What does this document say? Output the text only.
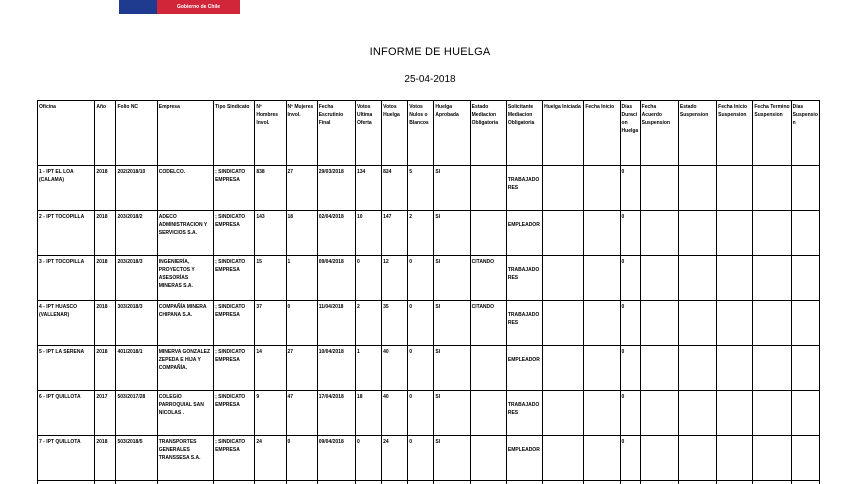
Gobierno de Chile
INFORME DE HUELGA
25-04-2018
Oficina	Año	Folio NC	Empresa	Tipo Sindicato	Nº Hombres Invol.	Nº Mujeres Invol.	Fecha Escrutinio Final	Votos Ultima Oferta	Votos Huelga	Votos Nulos o Blancos	Huelga Aprobada	Estado Mediacion Obligatoria	Solicitante Mediacion Obligatoria	Huelga Iniciada	Fecha Inicio	Días Duracion Huelga	Fecha Acuerdo Suspension	Estado Suspension	Fecha Inicio Suspension	Fecha Termino Suspension	Días Suspension
1 - IPT EL LOA (CALAMA)	2018	202/2018/10	CODELCO.	; SINDICATO EMPRESA	838	27	29/03/2018	134	824	5	SI		TRABAJADORES			0					
2 - IPT TOCOPILLA	2018	203/2018/2	ADECO ADMINISTRACION Y SERVICIOS S.A.	; SINDICATO EMPRESA	143	18	02/04/2018	10	147	2	SI		EMPLEADOR			0					
3 - IPT TOCOPILLA	2018	203/2018/3	INGENIERÍA, PROYECTOS Y ASESORÍAS MINERAS S.A.	; SINDICATO EMPRESA	15	1	09/04/2018	0	12	0	SI	CITANDO	TRABAJADORES			0					
4 - IPT HUASCO (VALLENAR)	2018	303/2018/3	COMPAÑÍA MINERA CHIPANA S.A.	; SINDICATO EMPRESA	37	0	11/04/2018	2	35	0	SI	CITANDO	TRABAJADORES			0					
5 - IPT LA SERENA	2018	401/2018/1	MINERVA GONZALEZ ZEPEDA E HIJA Y COMPAÑÍA.	; SINDICATO EMPRESA	14	27	10/04/2018	1	40	0	SI		EMPLEADOR			0					
6 - IPT QUILLOTA	2017	503/2017/28	COLEGIO PARROQUIAL SAN NICOLAS .	; SINDICATO EMPRESA	9	47	17/04/2018	18	40	0	SI		TRABAJADORES			0					
7 - IPT QUILLOTA	2018	503/2018/5	TRANSPORTES GENERALES TRANSSESA S.A.	; SINDICATO EMPRESA	24	0	09/04/2018	0	24	0	SI		EMPLEADOR			0					
